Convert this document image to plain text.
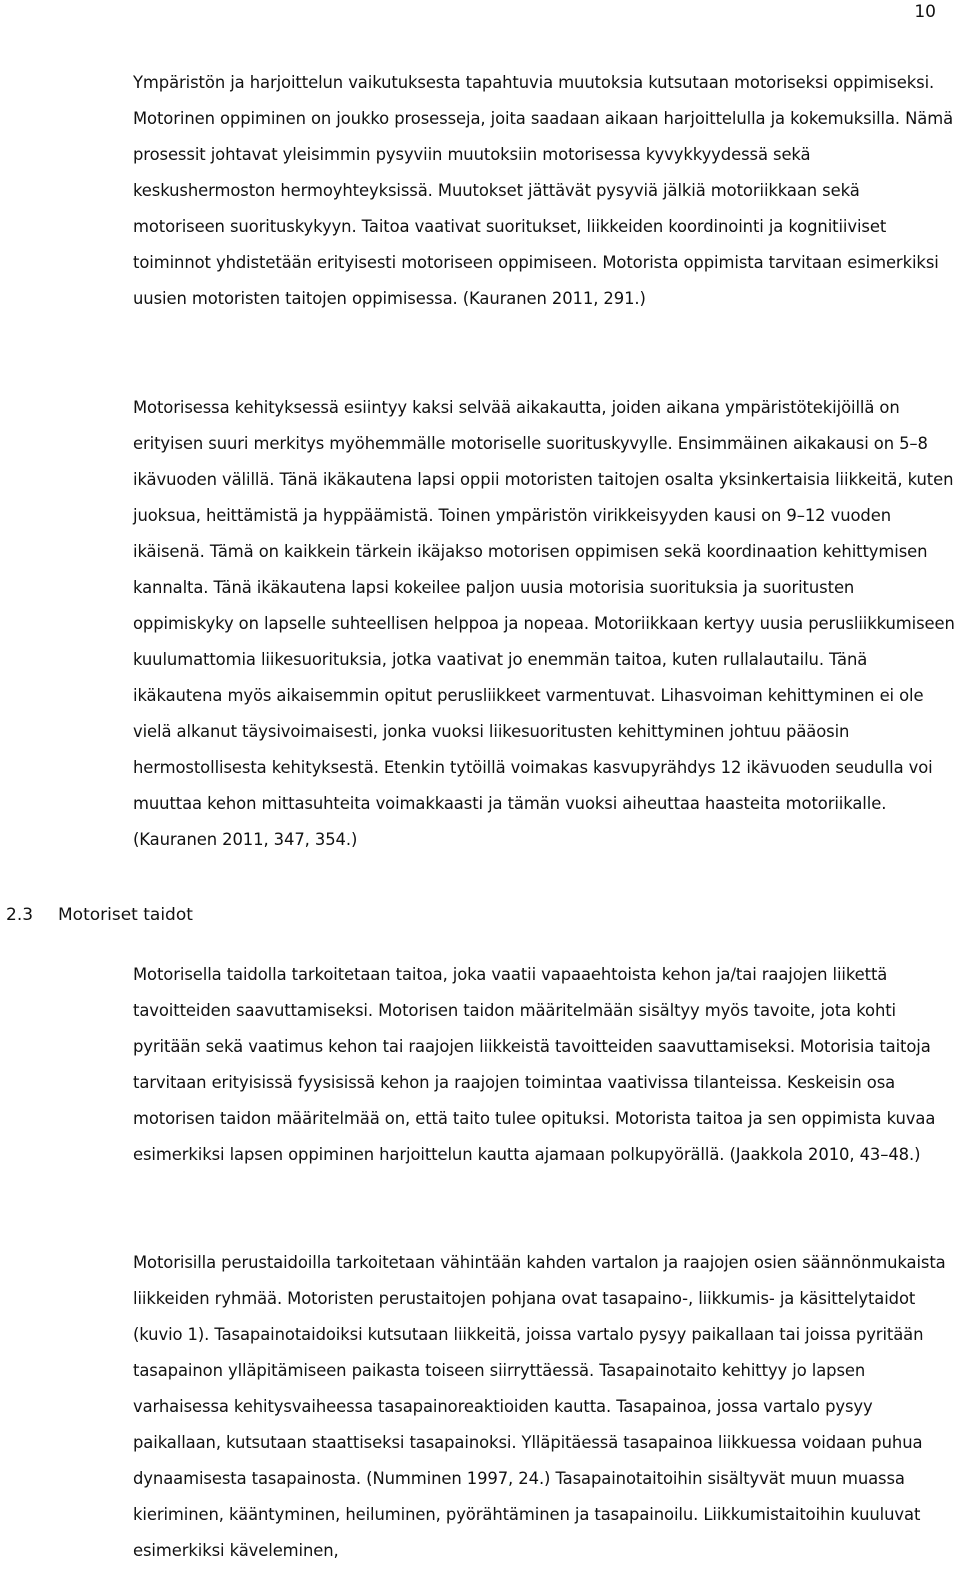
10

Ympäristön ja harjoittelun vaikutuksesta tapahtuvia muutoksia kutsutaan motoriseksi oppimiseksi. Motorinen oppiminen on joukko prosesseja, joita saadaan aikaan harjoittelulla ja kokemuksilla. Nämä prosessit johtavat yleisimmin pysyviin muutoksiin motorisessa kyvykkyydessä sekä keskushermoston hermoyhteyksissä. Muutokset jättävät pysyviä jälkiä motoriikkaan sekä motoriseen suorituskykyyn. Taitoa vaativat suoritukset, liikkeiden koordinointi ja kognitiiviset toiminnot yhdistetään erityisesti motoriseen oppimiseen. Motorista oppimista tarvitaan esimerkiksi uusien motoristen taitojen oppimisessa. (Kauranen 2011, 291.)

Motorisessa kehityksessä esiintyy kaksi selvää aikakautta, joiden aikana ympäristötekijöillä on erityisen suuri merkitys myöhemmälle motoriselle suorituskyvylle. Ensimmäinen aikakausi on 5–8 ikävuoden välillä. Tänä ikäkautena lapsi oppii motoristen taitojen osalta yksinkertaisia liikkeitä, kuten juoksua, heittämistä ja hyppäämistä. Toinen ympäristön virikkeisyyden kausi on 9–12 vuoden ikäisenä. Tämä on kaikkein tärkein ikäjakso motorisen oppimisen sekä koordinaation kehittymisen kannalta. Tänä ikäkautena lapsi kokeilee paljon uusia motorisia suorituksia ja suoritusten oppimiskyky on lapselle suhteellisen helppoa ja nopeaa. Motoriikkaan kertyy uusia perusliikkumiseen kuulumattomia liikesuorituksia, jotka vaativat jo enemmän taitoa, kuten rullalautailu. Tänä ikäkautena myös aikaisemmin opitut perusliikkeet varmentuvat. Lihasvoiman kehittyminen ei ole vielä alkanut täysivoimaisesti, jonka vuoksi liikesuoritusten kehittyminen johtuu pääosin hermostollisesta kehityksestä. Etenkin tytöillä voimakas kasvupyrähdys 12 ikävuoden seudulla voi muuttaa kehon mittasuhteita voimakkaasti ja tämän vuoksi aiheuttaa haasteita motoriikalle. (Kauranen 2011, 347, 354.)

2.3 Motoriset taidot

Motorisella taidolla tarkoitetaan taitoa, joka vaatii vapaaehtoista kehon ja/tai raajojen liikettä tavoitteiden saavuttamiseksi. Motorisen taidon määritelmään sisältyy myös tavoite, jota kohti pyritään sekä vaatimus kehon tai raajojen liikkeistä tavoitteiden saavuttamiseksi. Motorisia taitoja tarvitaan erityisissä fyysisissä kehon ja raajojen toimintaa vaativissa tilanteissa. Keskeisin osa motorisen taidon määritelmää on, että taito tulee opituksi. Motorista taitoa ja sen oppimista kuvaa esimerkiksi lapsen oppiminen harjoittelun kautta ajamaan polkupyörällä. (Jaakkola 2010, 43–48.)

Motorisilla perustaidoilla tarkoitetaan vähintään kahden vartalon ja raajojen osien säännönmukaista liikkeiden ryhmää. Motoristen perustaitojen pohjana ovat tasapaino-, liikkumis- ja käsittelytaidot (kuvio 1). Tasapainotaidoiksi kutsutaan liikkeitä, joissa vartalo pysyy paikallaan tai joissa pyritään tasapainon ylläpitämiseen paikasta toiseen siirryttäessä. Tasapainotaito kehittyy jo lapsen varhaisessa kehitysvaiheessa tasapainoreaktioiden kautta. Tasapainoa, jossa vartalo pysyy paikallaan, kutsutaan staattiseksi tasapainoksi. Ylläpitäessä tasapainoa liikkuessa voidaan puhua dynaamisesta tasapainosta. (Numminen 1997, 24.) Tasapainotaitoihin sisältyvät muun muassa kieriminen, kääntyminen, heiluminen, pyörähtäminen ja tasapainoilu. Liikkumistaitoihin kuuluvat esimerkiksi käveleminen,
